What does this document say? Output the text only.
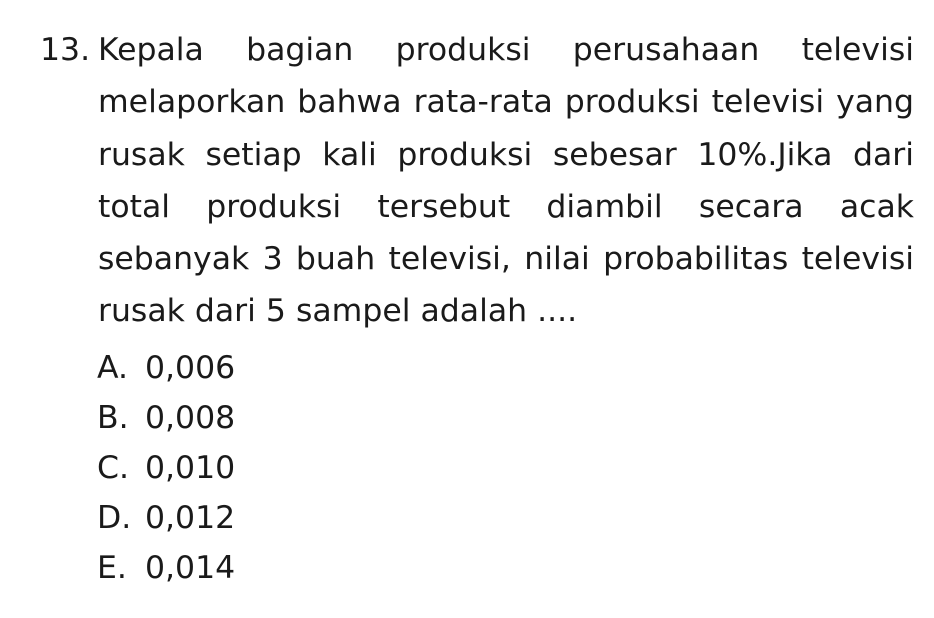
13. Kepala bagian produksi perusahaan televisi melaporkan bahwa rata-rata produksi televisi yang rusak setiap kali produksi sebesar 10%.Jika dari total produksi tersebut diambil secara acak sebanyak 3 buah televisi, nilai probabilitas televisi rusak dari 5 sampel adalah ....
A. 0,006
B. 0,008
C. 0,010
D. 0,012
E. 0,014
